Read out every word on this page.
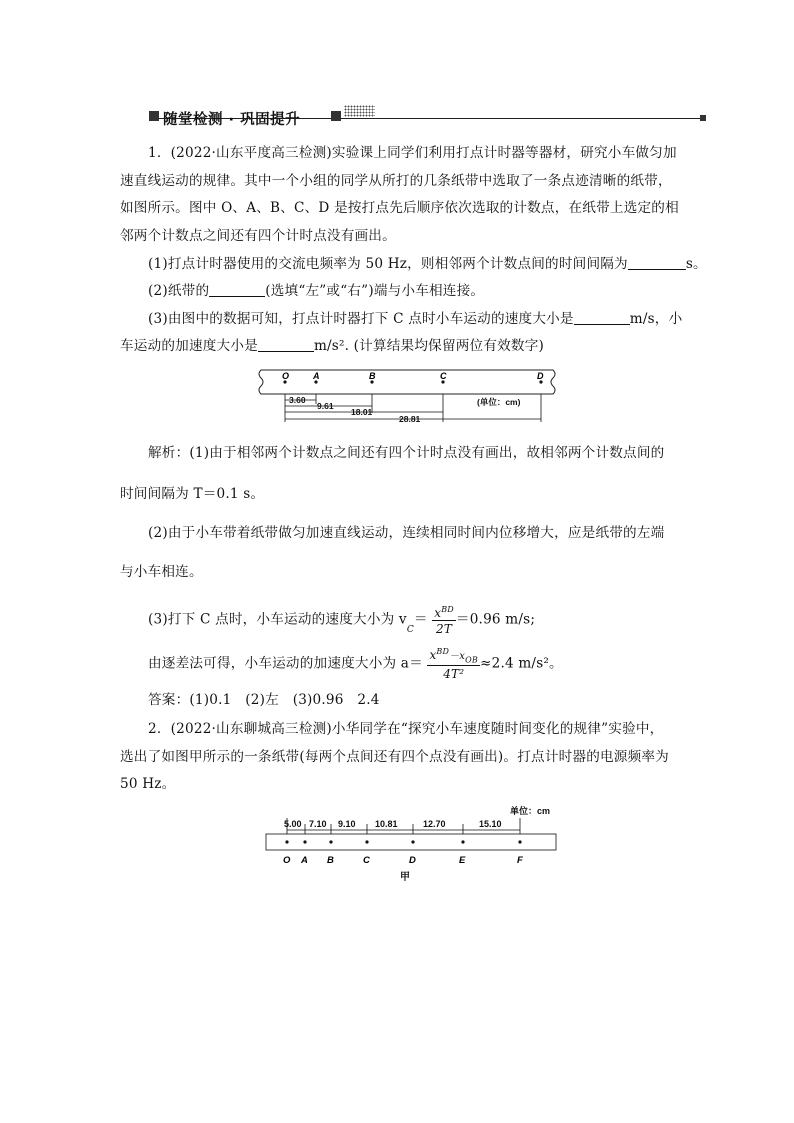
随堂检测 · 巩固提升
1．(2022·山东平度高三检测)实验课上同学们利用打点计时器等器材，研究小车做匀加
速直线运动的规律。其中一个小组的同学从所打的几条纸带中选取了一条点迹清晰的纸带，
如图所示。图中 O、A、B、C、D 是按打点先后顺序依次选取的计数点，在纸带上选定的相
邻两个计数点之间还有四个计时点没有画出。
(1)打点计时器使用的交流电频率为 50 Hz，则相邻两个计数点间的时间间隔为	s。
(2)纸带的	(选填“左”或“右”)端与小车相连接。
(3)由图中的数据可知，打点计时器打下 C 点时小车运动的速度大小是	m/s，小
车运动的加速度大小是	m/s². (计算结果均保留两位有效数字)
O	A	B	C	D
3.60
9.61
18.01
28.81
(单位：cm)
解析：(1)由于相邻两个计数点之间还有四个计时点没有画出，故相邻两个计数点间的
时间间隔为 T＝0.1 s。
(2)由于小车带着纸带做匀加速直线运动，连续相同时间内位移增大，应是纸带的左端
与小车相连。
(3)打下 C 点时，小车运动的速度大小为 $v_C= \frac{x^{BD}}{2T} =0.96$ m/s;
由逐差法可得，小车运动的加速度大小为 $a= \frac{x^{BD}-x_{OB}}{\text{4T²}} \approx 2.4$ m/s²。
答案：(1)0.1　(2)左　(3)0.96　2.4
2．(2022·山东聊城高三检测)小华同学在“探究小车速度随时间变化的规律”实验中，
选出了如图甲所示的一条纸带(每两个点间还有四个点没有画出)。打点计时器的电源频率为
50 Hz。
单位：cm
5.00 7.10 9.10 10.81	12.70	15.10
O A B	C	D	E	F
甲
